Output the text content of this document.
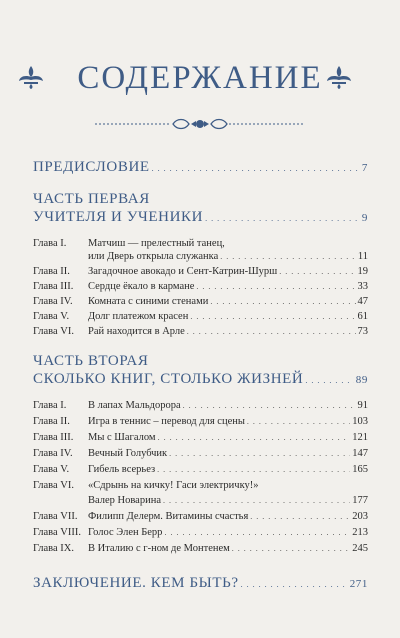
СОДЕРЖАНИЕ
ПРЕДИСЛОВИЕ . . .	7
ЧАСТЬ ПЕРВАЯ
УЧИТЕЛЯ И УЧЕНИКИ . . .	9
Глава I.	Матчиш — прелестный танец,
или Дверь открыла служанка . . .	11
Глава II.	Загадочное авокадо и Сент-Катрин-Шурш . . .	19
Глава III.	Сердце ёкало в кармане . . .	33
Глава IV.	Комната с синими стенами . . .	47
Глава V.	Долг платежом красен . . .	61
Глава VI.	Рай находится в Арле . . .	73
ЧАСТЬ ВТОРАЯ
СКОЛЬКО КНИГ, СТОЛЬКО ЖИЗНЕЙ . . .	89
Глава I.	В лапах Мальдорора . . .	91
Глава II.	Игра в теннис – перевод для сцены . . .	103
Глава III.	Мы с Шагалом . . .	121
Глава IV.	Вечный Голубчик . . .	147
Глава V.	Гибель всерьез . . .	165
Глава VI.	«Сдрынь на кичку! Гаси электричку!»
Валер Новарина . . .	177
Глава VII.	Филипп Делерм. Витамины счастья . . .	203
Глава VIII. Голос Элен Берр . . .	213
Глава IX.	В Италию с г-ном де Монтенем . . .	245
ЗАКЛЮЧЕНИЕ. КЕМ БЫТЬ? . . .	271
